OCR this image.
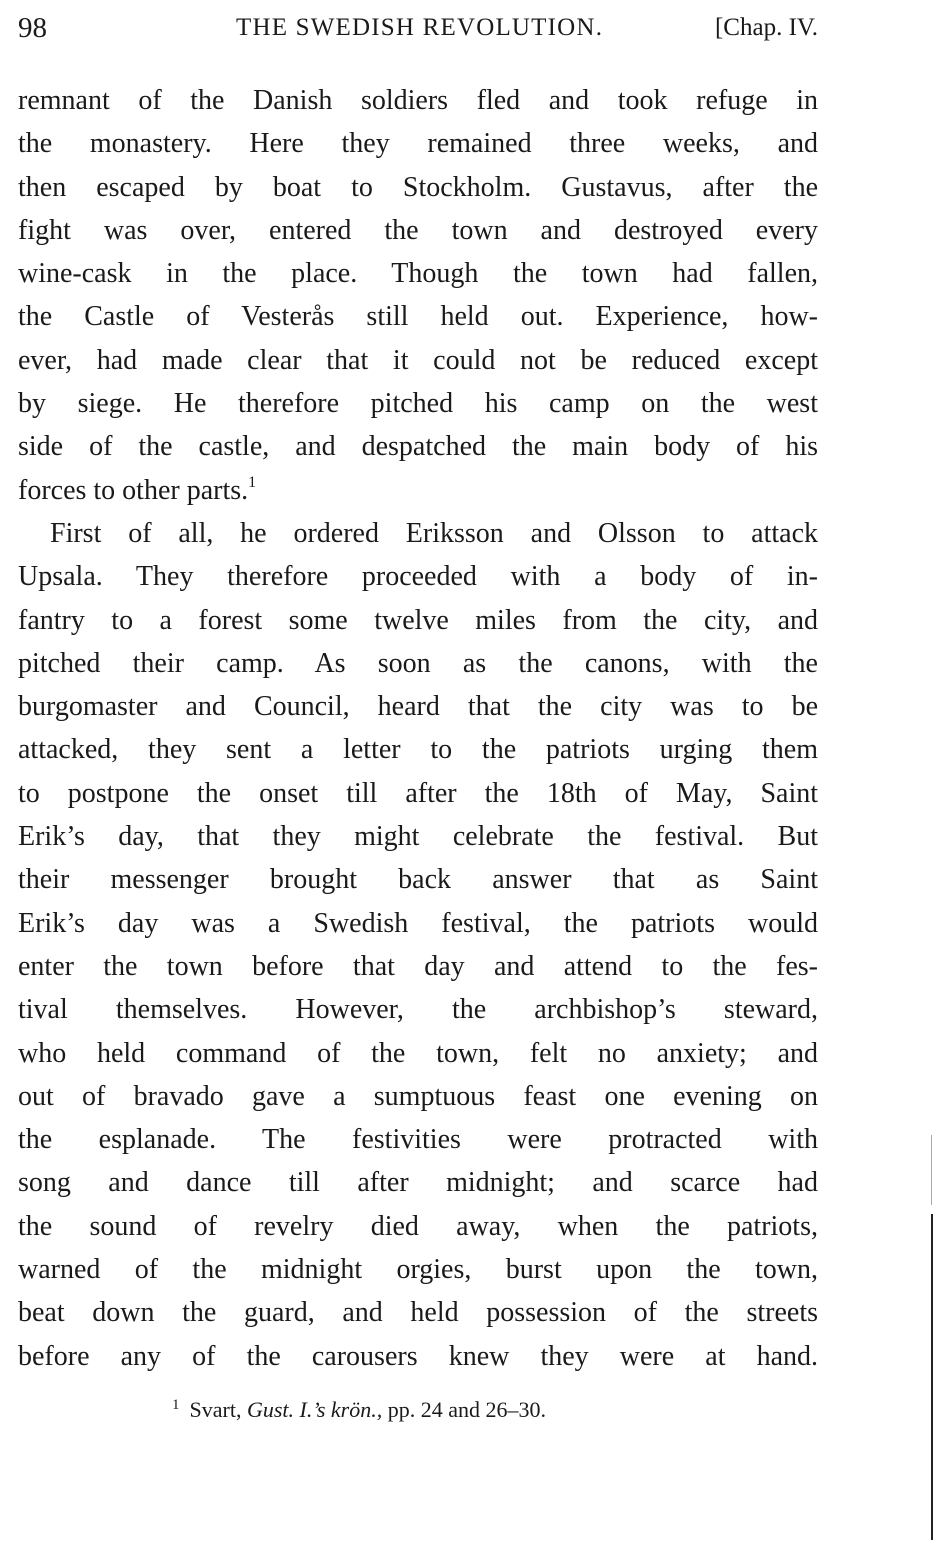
98	THE SWEDISH REVOLUTION.	[Chap. IV.

remnant of the Danish soldiers fled and took refuge in
the monastery. Here they remained three weeks, and
then escaped by boat to Stockholm. Gustavus, after the
fight was over, entered the town and destroyed every
wine-cask in the place. Though the town had fallen,
the Castle of Vesterås still held out. Experience, how-
ever, had made clear that it could not be reduced except
by siege. He therefore pitched his camp on the west
side of the castle, and despatched the main body of his
forces to other parts.$^1$

First of all, he ordered Eriksson and Olsson to attack
Upsala. They therefore proceeded with a body of in-
fantry to a forest some twelve miles from the city, and
pitched their camp. As soon as the canons, with the
burgomaster and Council, heard that the city was to be
attacked, they sent a letter to the patriots urging them
to postpone the onset till after the 18th of May, Saint
Erik’s day, that they might celebrate the festival. But
their messenger brought back answer that as Saint
Erik’s day was a Swedish festival, the patriots would
enter the town before that day and attend to the fes-
tival themselves. However, the archbishop’s steward,
who held command of the town, felt no anxiety; and
out of bravado gave a sumptuous feast one evening on
the esplanade. The festivities were protracted with
song and dance till after midnight; and scarce had
the sound of revelry died away, when the patriots,
warned of the midnight orgies, burst upon the town,
beat down the guard, and held possession of the streets
before any of the carousers knew they were at hand.

$^1$ Svart, Gust. I.’s krön., pp. 24 and 26–30.
